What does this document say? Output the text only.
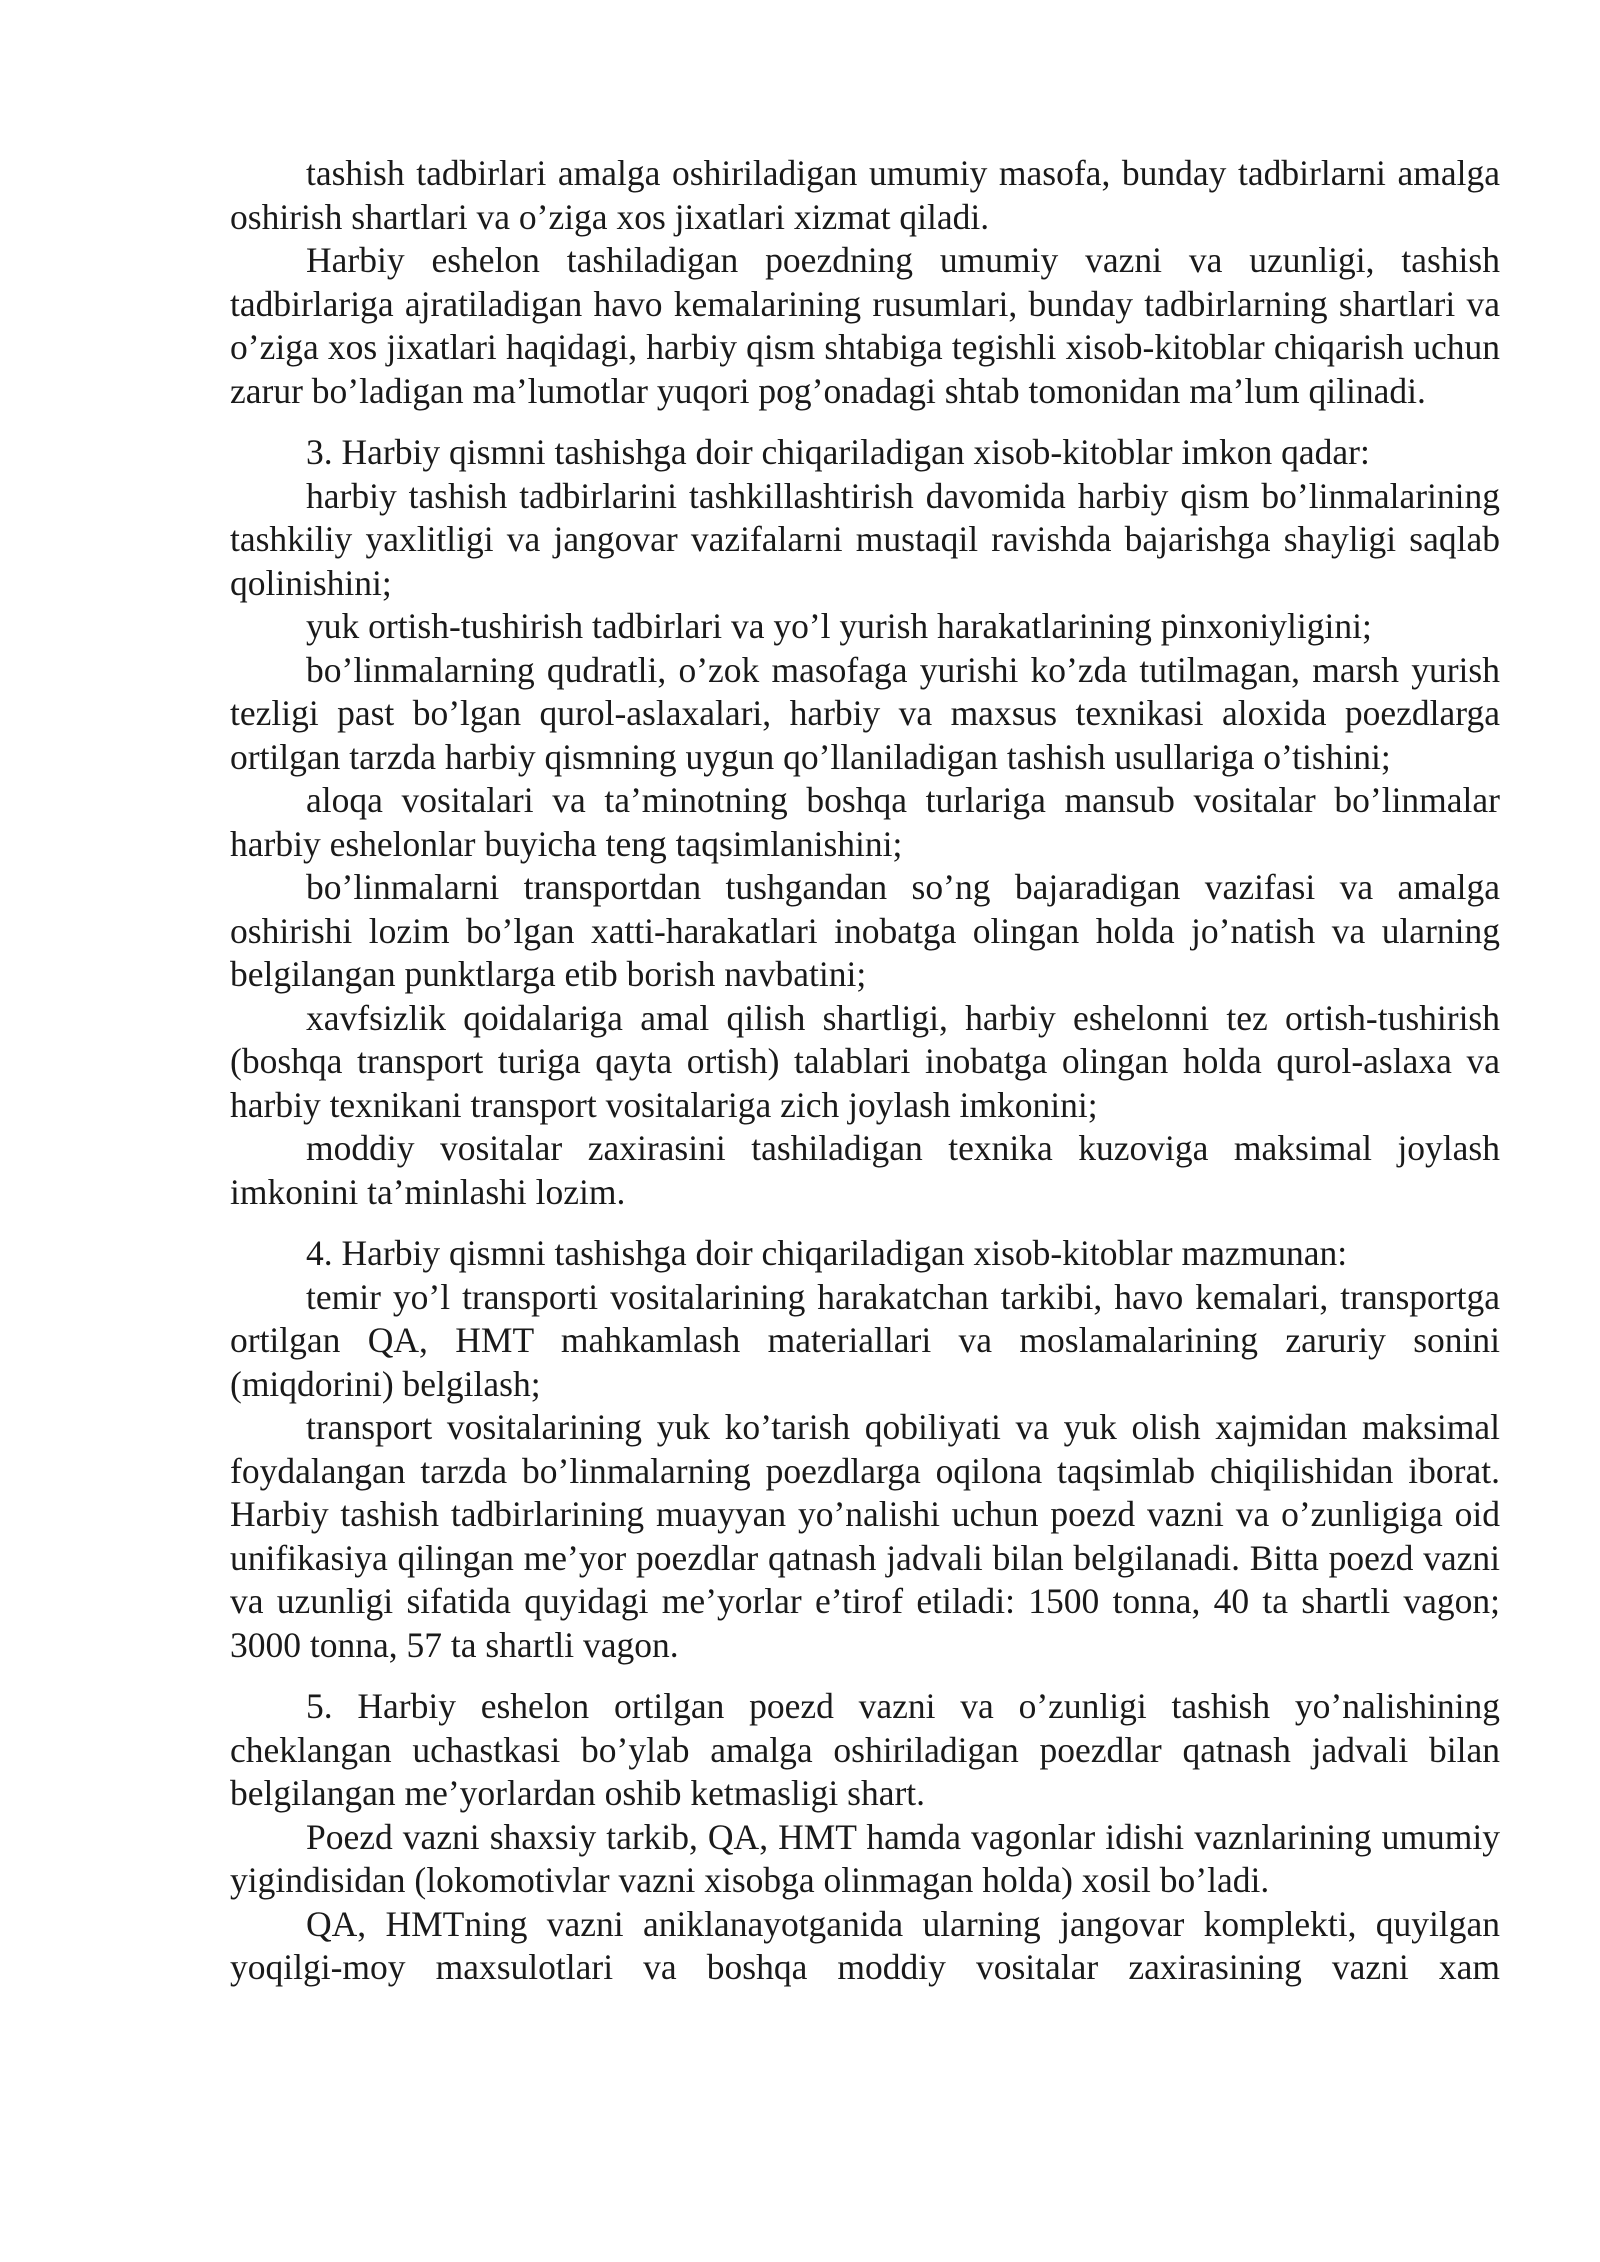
tashish tadbirlari amalga oshiriladigan umumiy masofa, bunday tadbirlarni amalga oshirish shartlari va o’ziga xos jixatlari xizmat qiladi.

Harbiy eshelon tashiladigan poezdning umumiy vazni va uzunligi, tashish tadbirlariga ajratiladigan havo kemalarining rusumlari, bunday tadbirlarning shartlari va o’ziga xos jixatlari haqidagi, harbiy qism shtabiga tegishli xisob-kitoblar chiqarish uchun zarur bo’ladigan ma’lumotlar yuqori pog’onadagi shtab tomonidan ma’lum qilinadi.

3. Harbiy qismni tashishga doir chiqariladigan xisob-kitoblar imkon qadar:

harbiy tashish tadbirlarini tashkillashtirish davomida harbiy qism bo’linmalarining tashkiliy yaxlitligi va jangovar vazifalarni mustaqil ravishda bajarishga shayligi saqlab qolinishini;

yuk ortish-tushirish tadbirlari va yo’l yurish harakatlarining pinxoniyligini;

bo’linmalarning qudratli, o’zok masofaga yurishi ko’zda tutilmagan, marsh yurish tezligi past bo’lgan qurol-aslaxalari, harbiy va maxsus texnikasi aloxida poezdlarga ortilgan tarzda harbiy qismning uygun qo’llaniladigan tashish usullariga o’tishini;

aloqa vositalari va ta’minotning boshqa turlariga mansub vositalar bo’linmalar harbiy eshelonlar buyicha teng taqsimlanishini;

bo’linmalarni transportdan tushgandan so’ng bajaradigan vazifasi va amalga oshirishi lozim bo’lgan xatti-harakatlari inobatga olingan holda jo’natish va ularning belgilangan punktlarga etib borish navbatini;

xavfsizlik qoidalariga amal qilish shartligi, harbiy eshelonni tez ortish-tushirish (boshqa transport turiga qayta ortish) talablari inobatga olingan holda qurol-aslaxa va harbiy texnikani transport vositalariga zich joylash imkonini;

moddiy vositalar zaxirasini tashiladigan texnika kuzoviga maksimal joylash imkonini ta’minlashi lozim.

4. Harbiy qismni tashishga doir chiqariladigan xisob-kitoblar mazmunan:

temir yo’l transporti vositalarining harakatchan tarkibi, havo kemalari, transportga ortilgan QA, HMT mahkamlash materiallari va moslamalarining zaruriy sonini (miqdorini) belgilash;

transport vositalarining yuk ko’tarish qobiliyati va yuk olish xajmidan maksimal foydalangan tarzda bo’linmalarning poezdlarga oqilona taqsimlab chiqilishidan iborat. Harbiy tashish tadbirlarining muayyan yo’nalishi uchun poezd vazni va o’zunligiga oid unifikasiya qilingan me’yor poezdlar qatnash jadvali bilan belgilanadi. Bitta poezd vazni va uzunligi sifatida quyidagi me’yorlar e’tirof etiladi: 1500 tonna, 40 ta shartli vagon; 3000 tonna, 57 ta shartli vagon.

5. Harbiy eshelon ortilgan poezd vazni va o’zunligi tashish yo’nalishining cheklangan uchastkasi bo’ylab amalga oshiriladigan poezdlar qatnash jadvali bilan belgilangan me’yorlardan oshib ketmasligi shart.

Poezd vazni shaxsiy tarkib, QA, HMT hamda vagonlar idishi vaznlarining umumiy yigindisidan (lokomotivlar vazni xisobga olinmagan holda) xosil bo’ladi.

QA, HMTning vazni aniklanayotganida ularning jangovar komplekti, quyilgan yoqilgi-moy maxsulotlari va boshqa moddiy vositalar zaxirasining vazni xam
